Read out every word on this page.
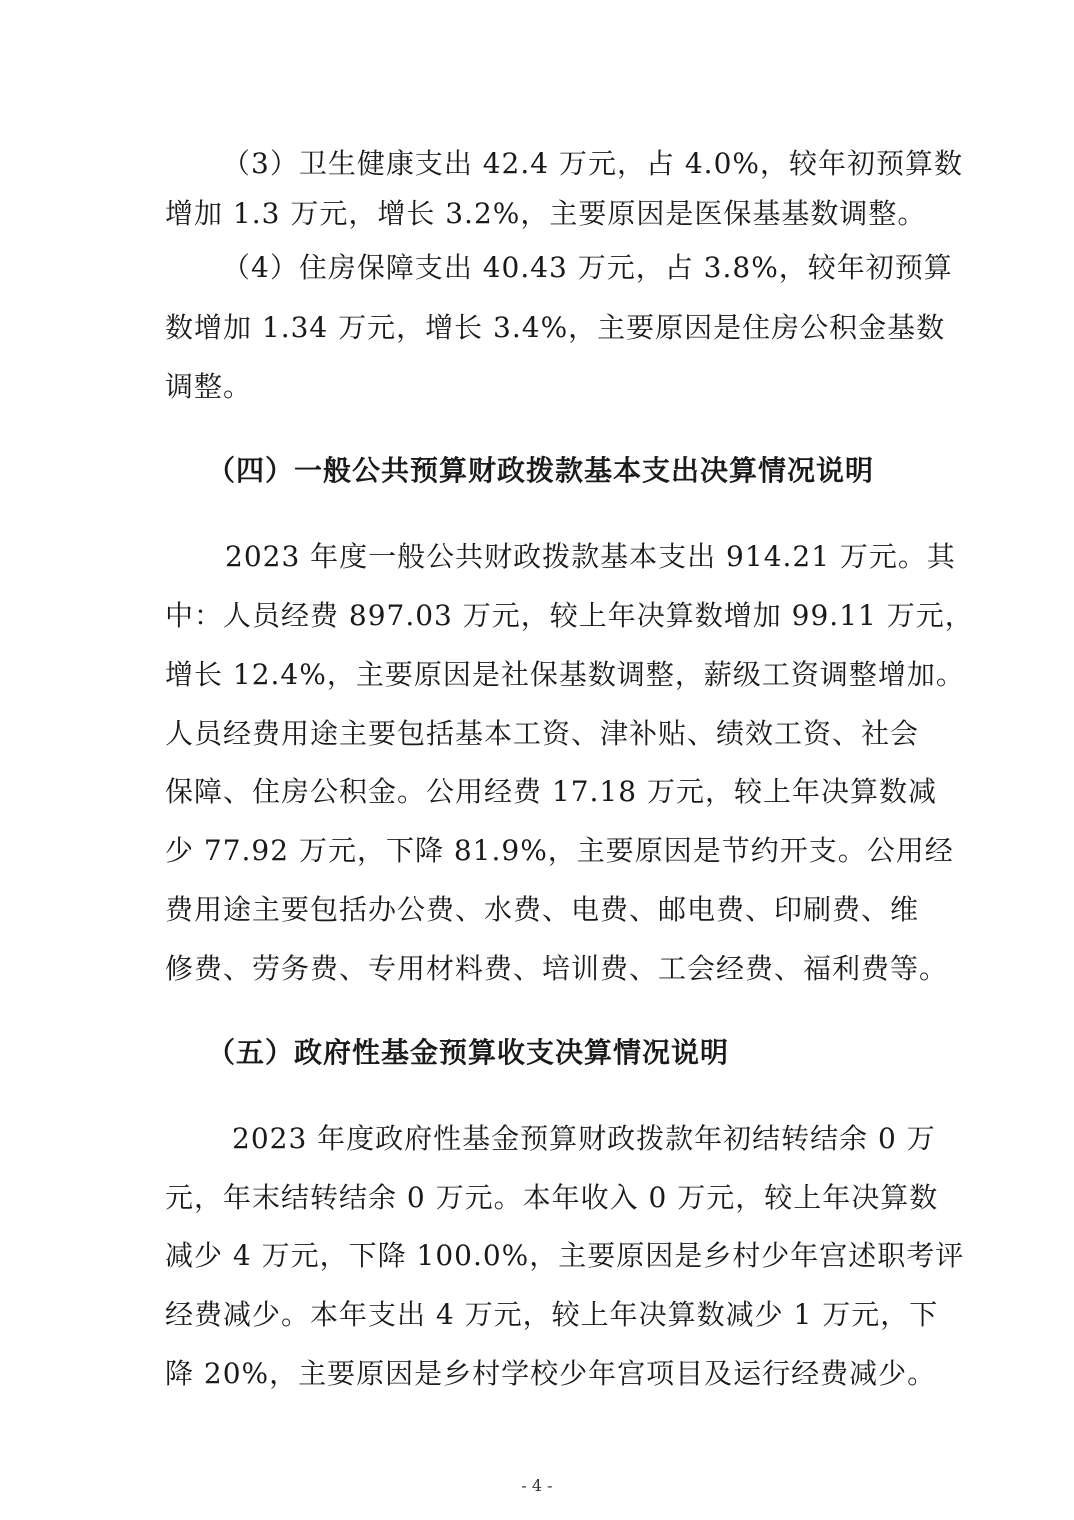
（3）卫生健康支出 42.4 万元，占 4.0%，较年初预算数
增加 1.3 万元，增长 3.2%，主要原因是医保基基数调整。
（4）住房保障支出 40.43 万元，占 3.8%，较年初预算
数增加 1.34 万元，增长 3.4%，主要原因是住房公积金基数
调整。
（四）一般公共预算财政拨款基本支出决算情况说明
2023 年度一般公共财政拨款基本支出 914.21 万元。其
中：人员经费 897.03 万元，较上年决算数增加 99.11 万元，
增长 12.4%，主要原因是社保基数调整，薪级工资调整增加。
人员经费用途主要包括基本工资、津补贴、绩效工资、社会
保障、住房公积金。公用经费 17.18 万元，较上年决算数减
少 77.92 万元，下降 81.9%，主要原因是节约开支。公用经
费用途主要包括办公费、水费、电费、邮电费、印刷费、维
修费、劳务费、专用材料费、培训费、工会经费、福利费等。
（五）政府性基金预算收支决算情况说明
2023 年度政府性基金预算财政拨款年初结转结余 0 万
元，年末结转结余 0 万元。本年收入 0 万元，较上年决算数
减少 4 万元，下降 100.0%，主要原因是乡村少年宫述职考评
经费减少。本年支出 4 万元，较上年决算数减少 1 万元，下
降 20%，主要原因是乡村学校少年宫项目及运行经费减少。
- 4 -
